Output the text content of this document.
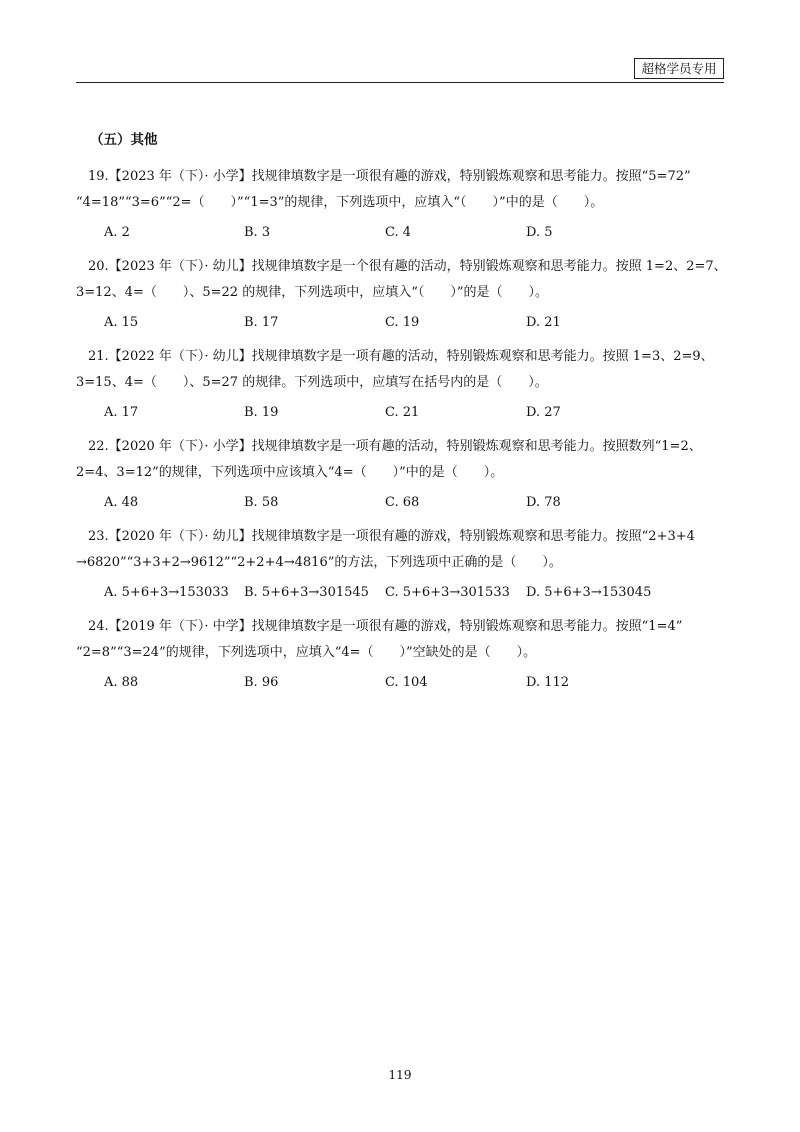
超格学员专用
（五）其他
19.【2023 年（下）· 小学】找规律填数字是一项很有趣的游戏，特别锻炼观察和思考能力。按照“5=72”
“4=18”“3=6”“2=（　　）”“1=3”的规律，下列选项中，应填入“（　　）”中的是（　　）。
A. 2	B. 3	C. 4	D. 5
20.【2023 年（下）· 幼儿】找规律填数字是一个很有趣的活动，特别锻炼观察和思考能力。按照 1=2、2=7、
3=12、4=（　　）、5=22 的规律，下列选项中，应填入“（　　）”的是（　　）。
A. 15	B. 17	C. 19	D. 21
21.【2022 年（下）· 幼儿】找规律填数字是一项有趣的活动，特别锻炼观察和思考能力。按照 1=3、2=9、
3=15、4=（　　）、5=27 的规律。下列选项中，应填写在括号内的是（　　）。
A. 17	B. 19	C. 21	D. 27
22.【2020 年（下）· 小学】找规律填数字是一项有趣的活动，特别锻炼观察和思考能力。按照数列“1=2、
2=4、3=12”的规律，下列选项中应该填入“4=（　　）”中的是（　　）。
A. 48	B. 58	C. 68	D. 78
23.【2020 年（下）· 幼儿】找规律填数字是一项很有趣的游戏，特别锻炼观察和思考能力。按照“2+3+4
→6820”“3+3+2→9612”“2+2+4→4816”的方法，下列选项中正确的是（　　）。
A. 5+6+3→153033 B. 5+6+3→301545 C. 5+6+3→301533 D. 5+6+3→153045
24.【2019 年（下）· 中学】找规律填数字是一项很有趣的游戏，特别锻炼观察和思考能力。按照“1=4”
“2=8”“3=24”的规律，下列选项中，应填入“4=（　　）”空缺处的是（　　）。
A. 88	B. 96	C. 104	D. 112
119
